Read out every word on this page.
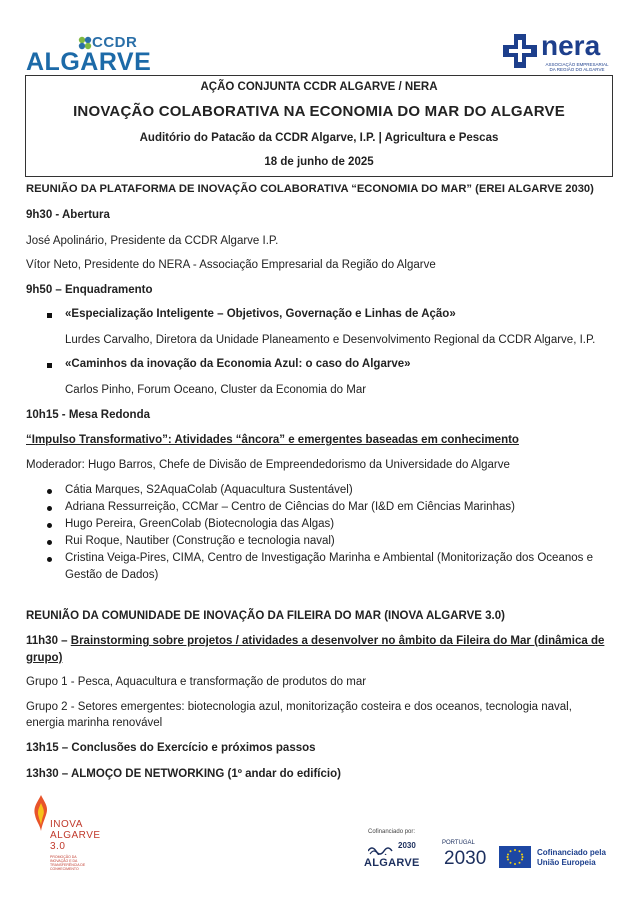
CCDR
ALGARVE
nera
ASSOCIAÇÃO EMPRESARIAL DA REGIÃO DO ALGARVE
AÇÃO CONJUNTA CCDR ALGARVE / NERA
INOVAÇÃO COLABORATIVA NA ECONOMIA DO MAR DO ALGARVE
Auditório do Patacão da CCDR Algarve, I.P. | Agricultura e Pescas
18 de junho de 2025
REUNIÃO DA PLATAFORMA DE INOVAÇÃO COLABORATIVA “ECONOMIA DO MAR” (EREI ALGARVE 2030)
9h30 - Abertura
José Apolinário, Presidente da CCDR Algarve I.P.
Vítor Neto, Presidente do NERA - Associação Empresarial da Região do Algarve
9h50 – Enquadramento
«Especialização Inteligente – Objetivos, Governação e Linhas de Ação»
Lurdes Carvalho, Diretora da Unidade Planeamento e Desenvolvimento Regional da CCDR Algarve, I.P.
«Caminhos da inovação da Economia Azul: o caso do Algarve»
Carlos Pinho, Forum Oceano, Cluster da Economia do Mar
10h15 - Mesa Redonda
“Impulso Transformativo”: Atividades “âncora” e emergentes baseadas em conhecimento
Moderador: Hugo Barros, Chefe de Divisão de Empreendedorismo da Universidade do Algarve
Cátia Marques, S2AquaColab (Aquacultura Sustentável)
Adriana Ressurreição, CCMar – Centro de Ciências do Mar (I&D em Ciências Marinhas)
Hugo Pereira, GreenColab (Biotecnologia das Algas)
Rui Roque, Nautiber (Construção e tecnologia naval)
Cristina Veiga-Pires, CIMA, Centro de Investigação Marinha e Ambiental (Monitorização dos Oceanos e
Gestão de Dados)
REUNIÃO DA COMUNIDADE DE INOVAÇÃO DA FILEIRA DO MAR (INOVA ALGARVE 3.0)
11h30 – Brainstorming sobre projetos / atividades a desenvolver no âmbito da Fileira do Mar (dinâmica de
grupo)
Grupo 1 - Pesca, Aquacultura e transformação de produtos do mar
Grupo 2 - Setores emergentes: biotecnologia azul, monitorização costeira e dos oceanos, tecnologia naval,
energia marinha renovável
13h15 – Conclusões do Exercício e próximos passos
13h30 – ALMOÇO DE NETWORKING (1º andar do edifício)
INOVA
ALGARVE
3.0
PROMOÇÃO DA INOVAÇÃO E DA TRANSFERÊNCIA DE CONHECIMENTO
Cofinanciado por:
2030
ALGARVE
PORTUGAL
2030	Cofinanciado pela
União Europeia
